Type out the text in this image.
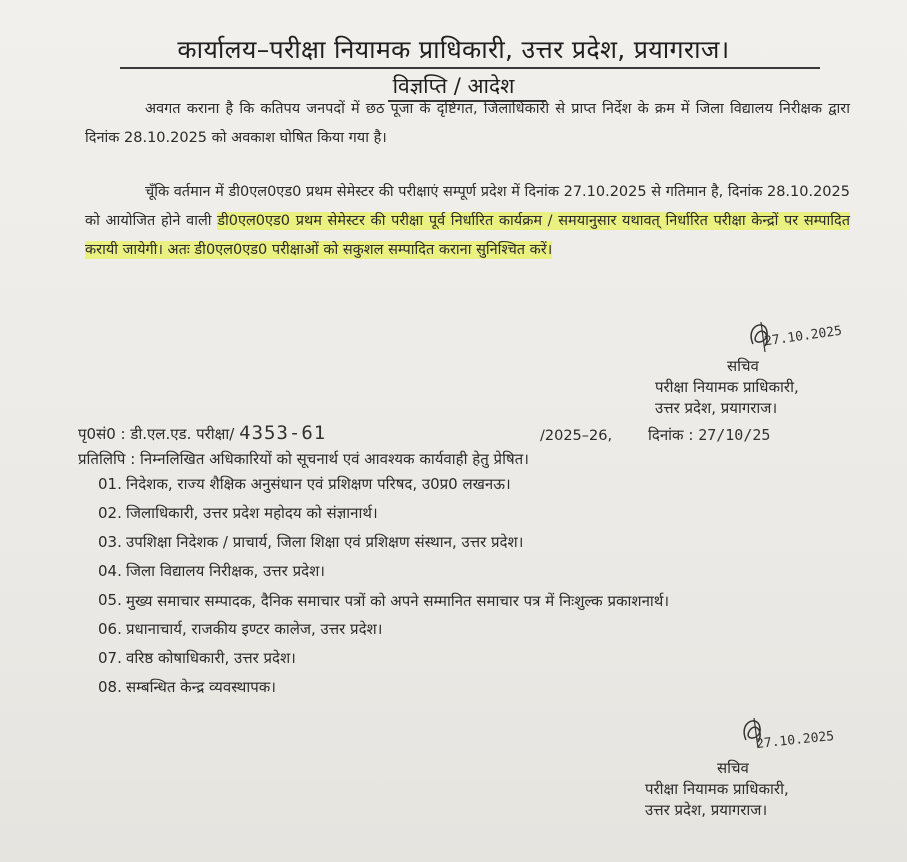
कार्यालय–परीक्षा नियामक प्राधिकारी, उत्तर प्रदेश, प्रयागराज।
विज्ञप्ति / आदेश
अवगत कराना है कि कतिपय जनपदों में छठ पूजा के दृष्टिगत, जिलाधिकारी से प्राप्त निर्देश के क्रम में जिला विद्यालय निरीक्षक द्वारा दिनांक 28.10.2025 को अवकाश घोषित किया गया है।
चूँकि वर्तमान में डी0एल0एड0 प्रथम सेमेस्टर की परीक्षाएं सम्पूर्ण प्रदेश में दिनांक 27.10.2025 से गतिमान है, दिनांक 28.10.2025 को आयोजित होने वाली डी0एल0एड0 प्रथम सेमेस्टर की परीक्षा पूर्व निर्धारित कार्यक्रम / समयानुसार यथावत् निर्धारित परीक्षा केन्द्रों पर सम्पादित करायी जायेगी। अतः डी0एल0एड0 परीक्षाओं को सकुशल सम्पादित कराना सुनिश्चित करें।
27.10.2025
सचिव
परीक्षा नियामक प्राधिकारी,
उत्तर प्रदेश, प्रयागराज।
पृ0सं0 : डी.एल.एड. परीक्षा/ 4353-61	/2025–26, दिनांक : 27/10/25
प्रतिलिपि : निम्नलिखित अधिकारियों को सूचनार्थ एवं आवश्यक कार्यवाही हेतु प्रेषित।
01. निदेशक, राज्य शैक्षिक अनुसंधान एवं प्रशिक्षण परिषद, उ0प्र0 लखनऊ।
02. जिलाधिकारी, उत्तर प्रदेश महोदय को संज्ञानार्थ।
03. उपशिक्षा निदेशक / प्राचार्य, जिला शिक्षा एवं प्रशिक्षण संस्थान, उत्तर प्रदेश।
04. जिला विद्यालय निरीक्षक, उत्तर प्रदेश।
05. मुख्य समाचार सम्पादक, दैनिक समाचार पत्रों को अपने सम्मानित समाचार पत्र में निःशुल्क प्रकाशनार्थ।
06. प्रधानाचार्य, राजकीय इण्टर कालेज, उत्तर प्रदेश।
07. वरिष्ठ कोषाधिकारी, उत्तर प्रदेश।
08. सम्बन्धित केन्द्र व्यवस्थापक।
27.10.2025
सचिव
परीक्षा नियामक प्राधिकारी,
उत्तर प्रदेश, प्रयागराज।
